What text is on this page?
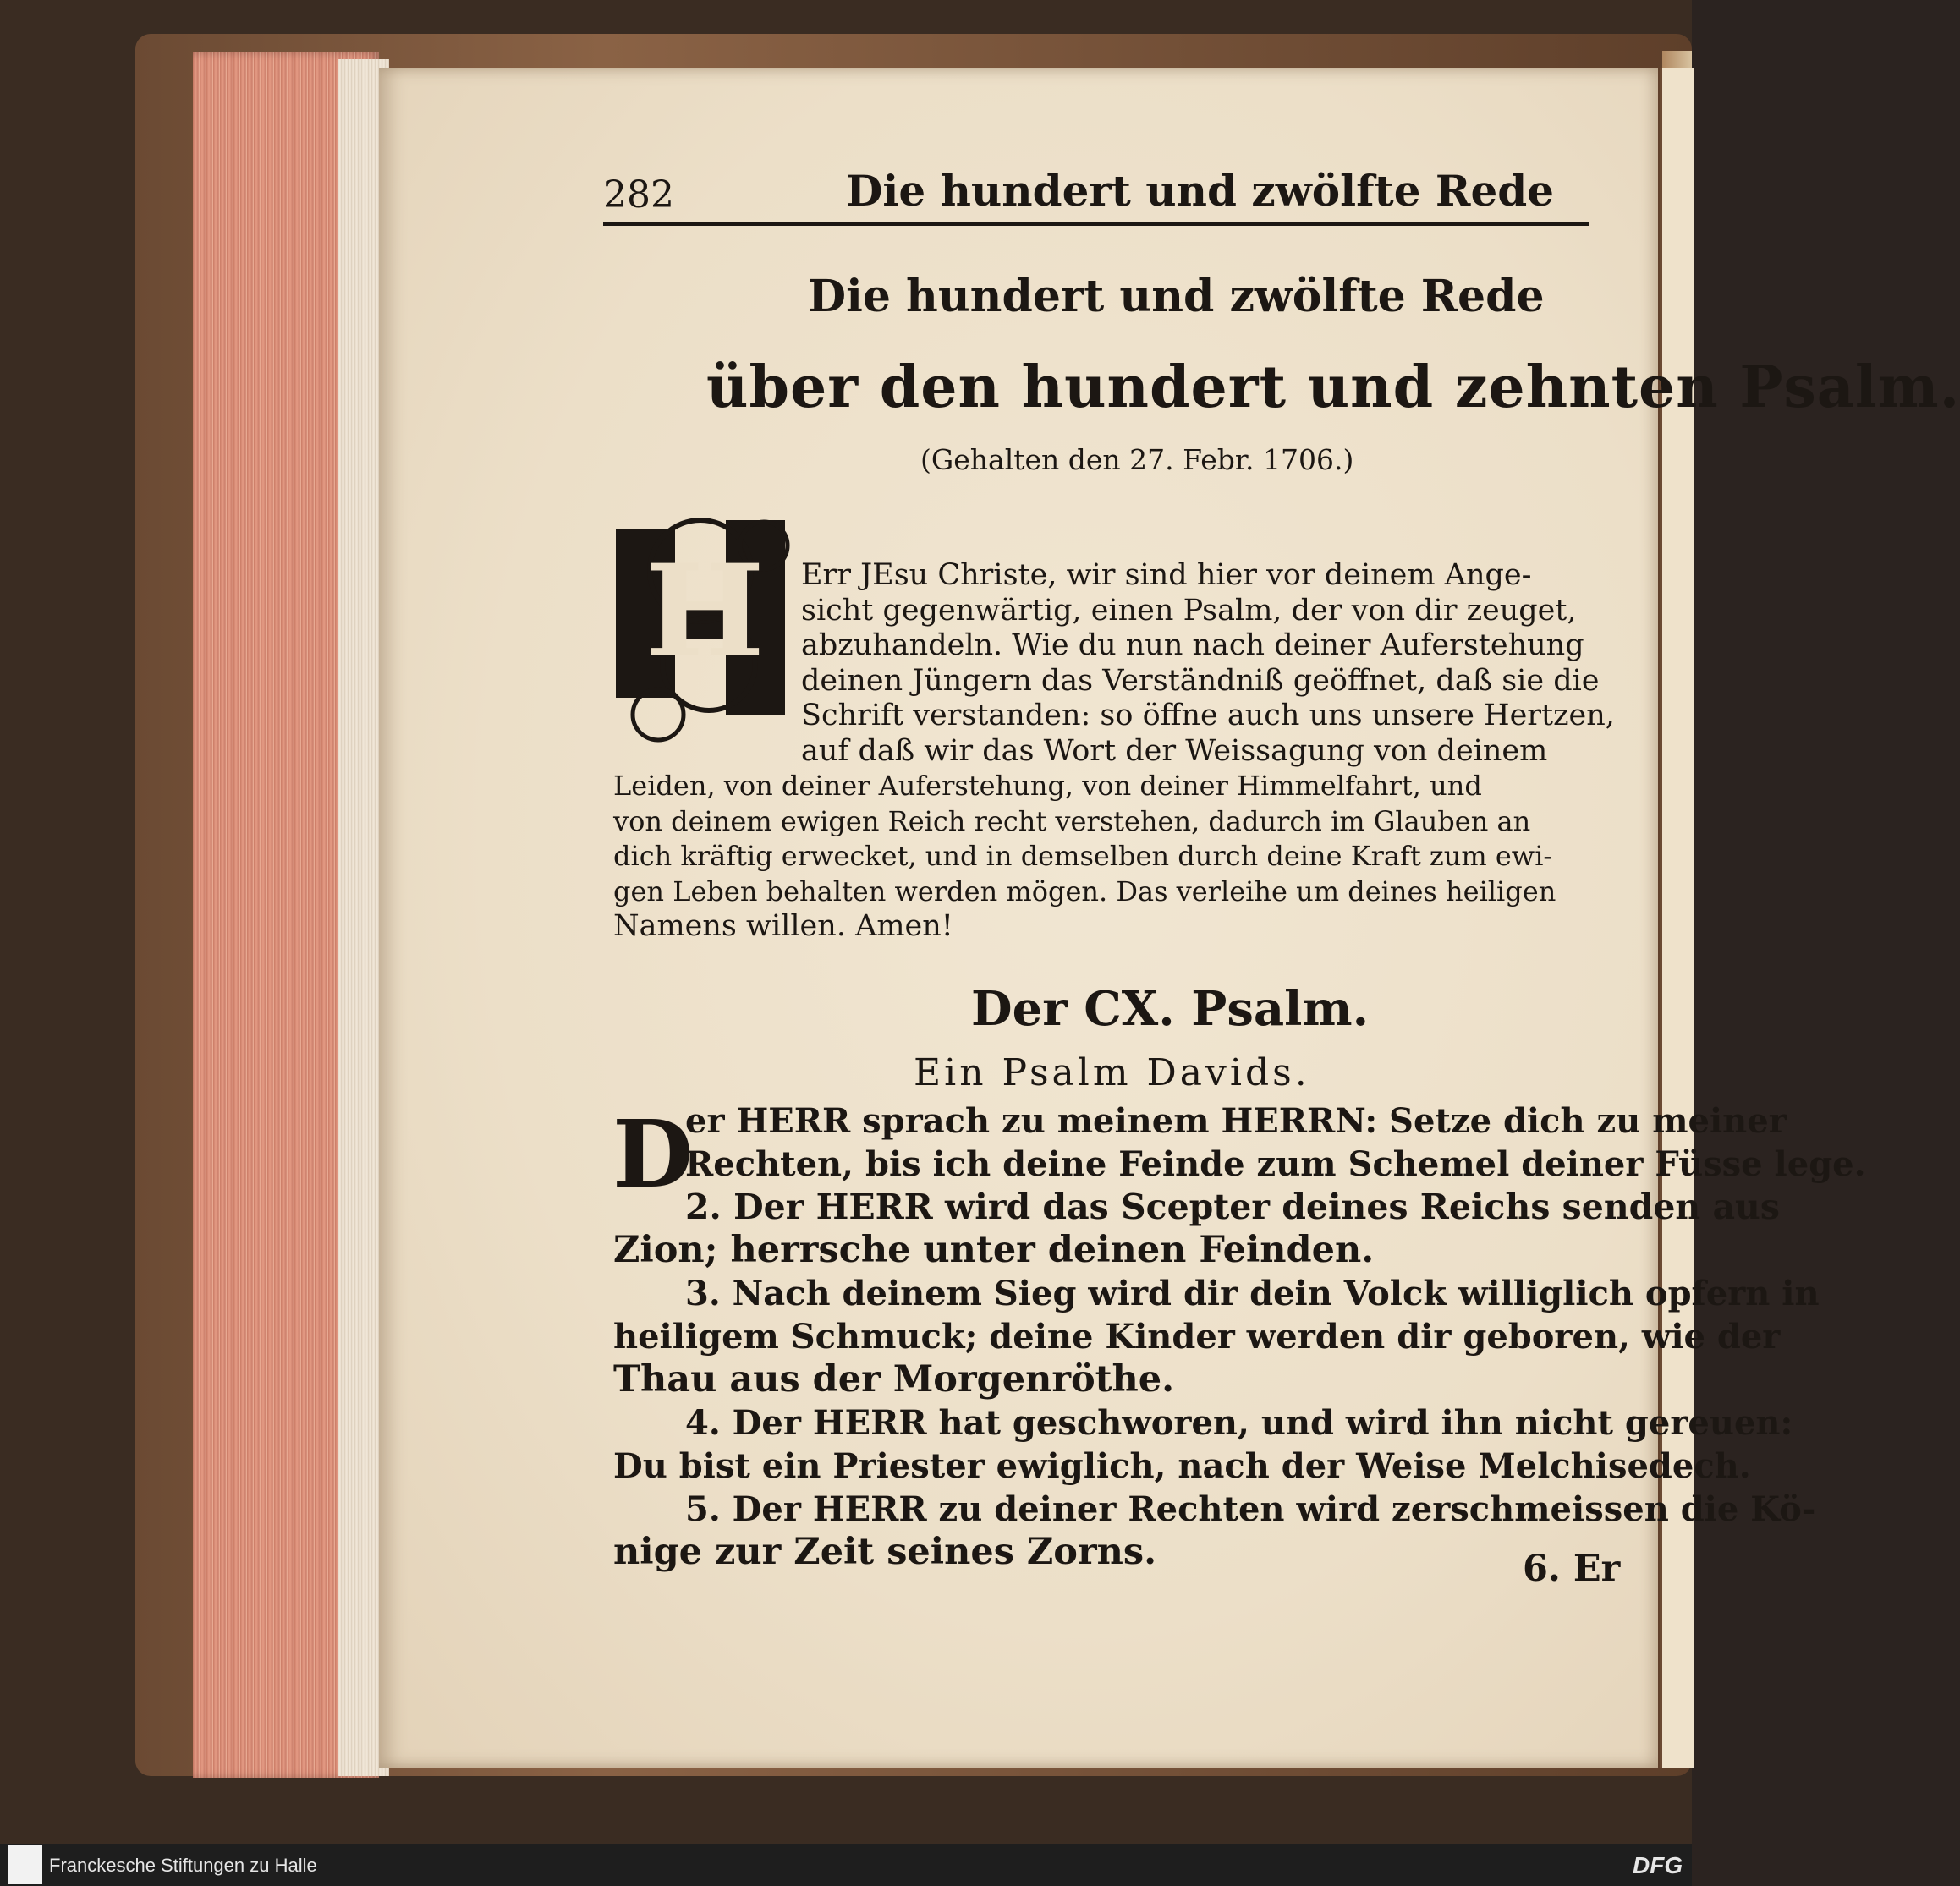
282	Die hundert und zwölfte Rede
Die hundert und zwölfte Rede
über den hundert und zehnten Psalm.
(Gehalten den 27. Febr. 1706.)
H Err JEsu Christe, wir sind hier vor deinem Ange-
sicht gegenwärtig, einen Psalm, der von dir zeuget,
abzuhandeln. Wie du nun nach deiner Auferstehung
deinen Jüngern das Verständniß geöffnet, daß sie die
Schrift verstanden: so öffne auch uns unsere Hertzen,
auf daß wir das Wort der Weissagung von deinem
Leiden, von deiner Auferstehung, von deiner Himmelfahrt, und
von deinem ewigen Reich recht verstehen, dadurch im Glauben an
dich kräftig erwecket, und in demselben durch deine Kraft zum ewi-
gen Leben behalten werden mögen. Das verleihe um deines heiligen
Namens willen. Amen!
Der CX. Psalm.
Ein Psalm Davids.
D
er HERR sprach zu meinem HERRN: Setze dich zu meiner
Rechten, bis ich deine Feinde zum Schemel deiner Füsse lege.
2. Der HERR wird das Scepter deines Reichs senden aus
Zion; herrsche unter deinen Feinden.
3. Nach deinem Sieg wird dir dein Volck williglich opfern in
heiligem Schmuck; deine Kinder werden dir geboren, wie der
Thau aus der Morgenröthe.
4. Der HERR hat geschworen, und wird ihn nicht gereuen:
Du bist ein Priester ewiglich, nach der Weise Melchisedech.
5. Der HERR zu deiner Rechten wird zerschmeissen die Kö-
nige zur Zeit seines Zorns.	6. Er
Franckesche Stiftungen zu Halle	DFG
